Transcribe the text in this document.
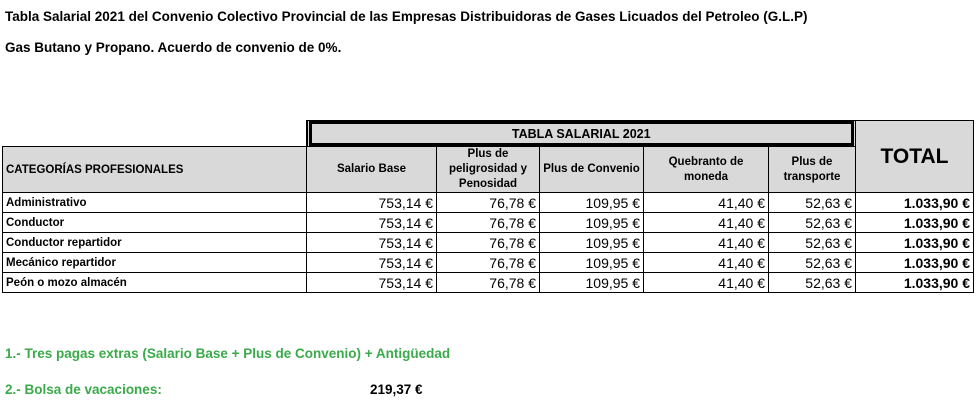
Tabla Salarial 2021 del Convenio Colectivo Provincial de las Empresas Distribuidoras de Gases Licuados del Petroleo (G.L.P)
Gas Butano y Propano. Acuerdo de convenio de 0%.

TABLA SALARIAL 2021					TOTAL
CATEGORÍAS PROFESIONALES	Salario Base	Plus de peligrosidad y Penosidad	Plus de Convenio	Quebranto de moneda	Plus de transporte	
Administrativo	753,14 €	76,78 €	109,95 €	41,40 €	52,63 €	1.033,90 €
Conductor	753,14 €	76,78 €	109,95 €	41,40 €	52,63 €	1.033,90 €
Conductor repartidor	753,14 €	76,78 €	109,95 €	41,40 €	52,63 €	1.033,90 €
Mecánico repartidor	753,14 €	76,78 €	109,95 €	41,40 €	52,63 €	1.033,90 €
Peón o mozo almacén	753,14 €	76,78 €	109,95 €	41,40 €	52,63 €	1.033,90 €
1.- Tres pagas extras (Salario Base + Plus de Convenio) + Antigüedad
2.- Bolsa de vacaciones:	219,37 €
